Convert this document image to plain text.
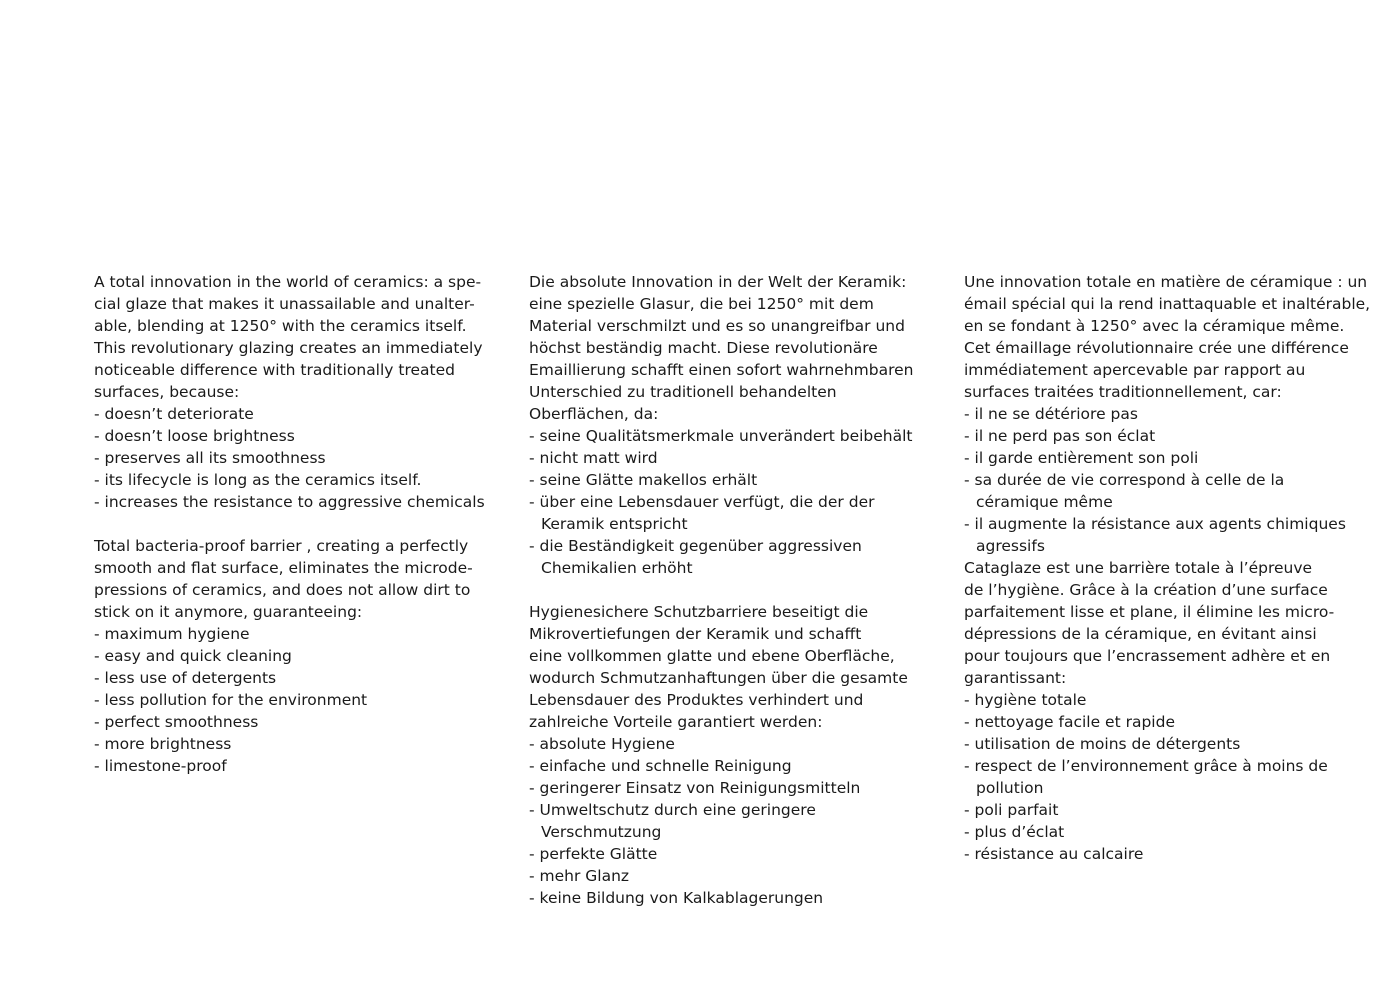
A total innovation in the world of ceramics: a spe-
cial glaze that makes it unassailable and unalter-
able, blending at 1250° with the ceramics itself.
This revolutionary glazing creates an immediately
noticeable difference with traditionally treated
surfaces, because:
- doesn’t deteriorate
- doesn’t loose brightness
- preserves all its smoothness
- its lifecycle is long as the ceramics itself.
- increases the resistance to aggressive chemicals
Total bacteria-proof barrier , creating a perfectly
smooth and flat surface, eliminates the microde-
pressions of ceramics, and does not allow dirt to
stick on it anymore, guaranteeing:
- maximum hygiene
- easy and quick cleaning
- less use of detergents
- less pollution for the environment
- perfect smoothness
- more brightness
- limestone-proof
Die absolute Innovation in der Welt der Keramik:
eine spezielle Glasur, die bei 1250° mit dem
Material verschmilzt und es so unangreifbar und
höchst beständig macht. Diese revolutionäre
Emaillierung schafft einen sofort wahrnehmbaren
Unterschied zu traditionell behandelten
Oberflächen, da:
- seine Qualitätsmerkmale unverändert beibehält
- nicht matt wird
- seine Glätte makellos erhält
- über eine Lebensdauer verfügt, die der der
Keramik entspricht
- die Beständigkeit gegenüber aggressiven
Chemikalien erhöht
Hygienesichere Schutzbarriere beseitigt die
Mikrovertiefungen der Keramik und schafft
eine vollkommen glatte und ebene Oberfläche,
wodurch Schmutzanhaftungen über die gesamte
Lebensdauer des Produktes verhindert und
zahlreiche Vorteile garantiert werden:
- absolute Hygiene
- einfache und schnelle Reinigung
- geringerer Einsatz von Reinigungsmitteln
- Umweltschutz durch eine geringere
Verschmutzung
- perfekte Glätte
- mehr Glanz
- keine Bildung von Kalkablagerungen
Une innovation totale en matière de céramique : un
émail spécial qui la rend inattaquable et inaltérable,
en se fondant à 1250° avec la céramique même.
Cet émaillage révolutionnaire crée une différence
immédiatement apercevable par rapport au
surfaces traitées traditionnellement, car:
- il ne se détériore pas
- il ne perd pas son éclat
- il garde entièrement son poli
- sa durée de vie correspond à celle de la
céramique même
- il augmente la résistance aux agents chimiques
agressifs
Cataglaze est une barrière totale à l’épreuve
de l’hygiène. Grâce à la création d’une surface
parfaitement lisse et plane, il élimine les micro-
dépressions de la céramique, en évitant ainsi
pour toujours que l’encrassement adhère et en
garantissant:
- hygiène totale
- nettoyage facile et rapide
- utilisation de moins de détergents
- respect de l’environnement grâce à moins de
pollution
- poli parfait
- plus d’éclat
- résistance au calcaire
